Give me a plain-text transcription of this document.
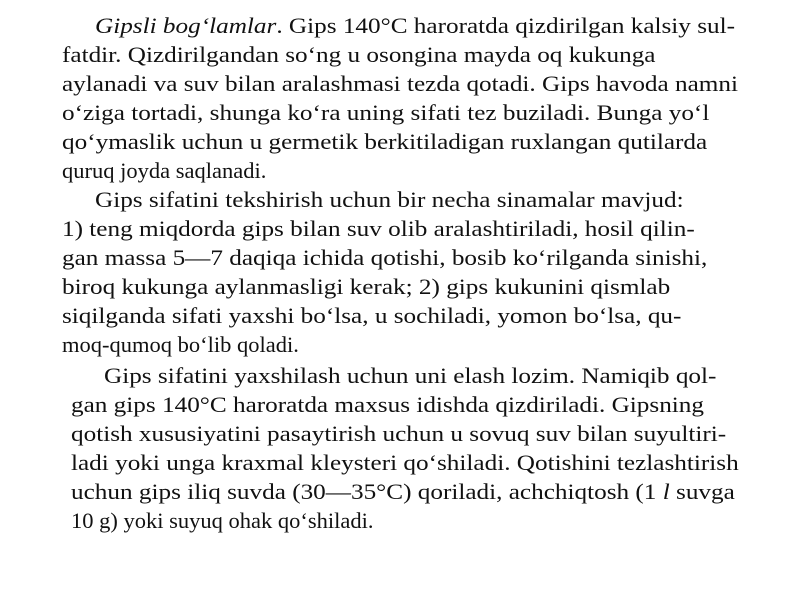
Gipsli bog‘lamlar. Gips 140°C haroratda qizdirilgan kalsiy sul-
fatdir. Qizdirilgandan so‘ng u osongina mayda oq kukunga
aylanadi va suv bilan aralashmasi tezda qotadi. Gips havoda namni
o‘ziga tortadi, shunga ko‘ra uning sifati tez buziladi. Bunga yo‘l
qo‘ymaslik uchun u germetik berkitiladigan ruxlangan qutilarda
quruq joyda saqlanadi.
Gips sifatini tekshirish uchun bir necha sinamalar mavjud:
1) teng miqdorda gips bilan suv olib aralashtiriladi, hosil qilin-
gan massa 5—7 daqiqa ichida qotishi, bosib ko‘rilganda sinishi,
biroq kukunga aylanmasligi kerak; 2) gips kukunini qismlab
siqilganda sifati yaxshi bo‘lsa, u sochiladi, yomon bo‘lsa, qu-
moq-qumoq bo‘lib qoladi.
Gips sifatini yaxshilash uchun uni elash lozim. Namiqib qol-
gan gips 140°C haroratda maxsus idishda qizdiriladi. Gipsning
qotish xususiyatini pasaytirish uchun u sovuq suv bilan suyultiri-
ladi yoki unga kraxmal kleysteri qo‘shiladi. Qotishini tezlashtirish
uchun gips iliq suvda (30—35°C) qoriladi, achchiqtosh (1 l suvga
10 g) yoki suyuq ohak qo‘shiladi.
